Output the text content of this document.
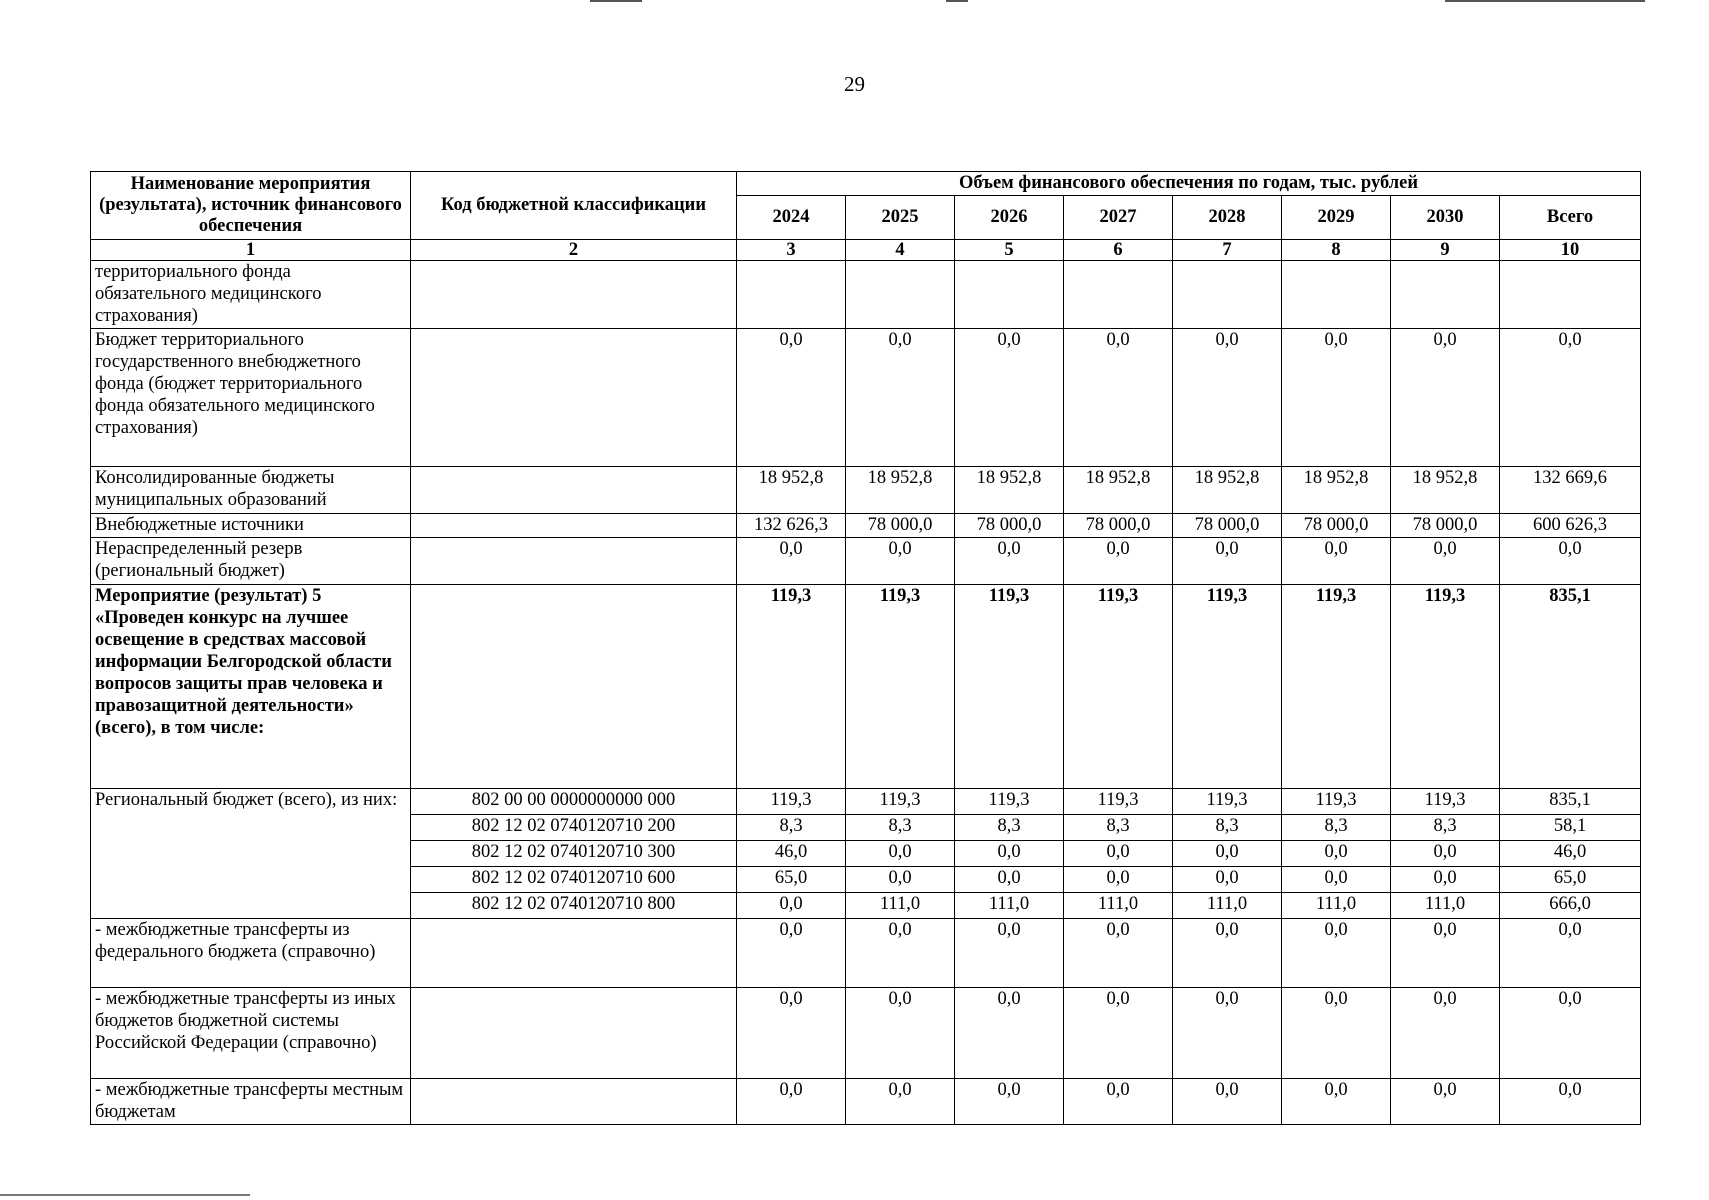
29
Наименование мероприятия (результата), источник финансового обеспечения	Код бюджетной классификации	Объем финансового обеспечения по годам, тыс. рублей							
		2024	2025	2026	2027	2028	2029	2030	Всего
1	2	3	4	5	6	7	8	9	10
территориального фонда обязательного медицинского страхования)									
Бюджет территориального государственного внебюджетного фонда (бюджет территориального фонда обязательного медицинского страхования)		0,0	0,0	0,0	0,0	0,0	0,0	0,0	0,0
Консолидированные бюджеты муниципальных образований		18 952,8	18 952,8	18 952,8	18 952,8	18 952,8	18 952,8	18 952,8	132 669,6
Внебюджетные источники		132 626,3	78 000,0	78 000,0	78 000,0	78 000,0	78 000,0	78 000,0	600 626,3
Нераспределенный резерв (региональный бюджет)		0,0	0,0	0,0	0,0	0,0	0,0	0,0	0,0
Мероприятие (результат) 5 «Проведен конкурс на лучшее освещение в средствах массовой информации Белгородской области вопросов защиты прав человека и правозащитной деятельности» (всего), в том числе:		119,3	119,3	119,3	119,3	119,3	119,3	119,3	835,1
Региональный бюджет (всего), из них:	802 00 00 0000000000 000	119,3	119,3	119,3	119,3	119,3	119,3	119,3	835,1
	802 12 02 0740120710 200	8,3	8,3	8,3	8,3	8,3	8,3	8,3	58,1
	802 12 02 0740120710 300	46,0	0,0	0,0	0,0	0,0	0,0	0,0	46,0
	802 12 02 0740120710 600	65,0	0,0	0,0	0,0	0,0	0,0	0,0	65,0
	802 12 02 0740120710 800	0,0	111,0	111,0	111,0	111,0	111,0	111,0	666,0
- межбюджетные трансферты из федерального бюджета (справочно)		0,0	0,0	0,0	0,0	0,0	0,0	0,0	0,0
- межбюджетные трансферты из иных бюджетов бюджетной системы Российской Федерации (справочно)		0,0	0,0	0,0	0,0	0,0	0,0	0,0	0,0
- межбюджетные трансферты местным бюджетам		0,0	0,0	0,0	0,0	0,0	0,0	0,0	0,0
